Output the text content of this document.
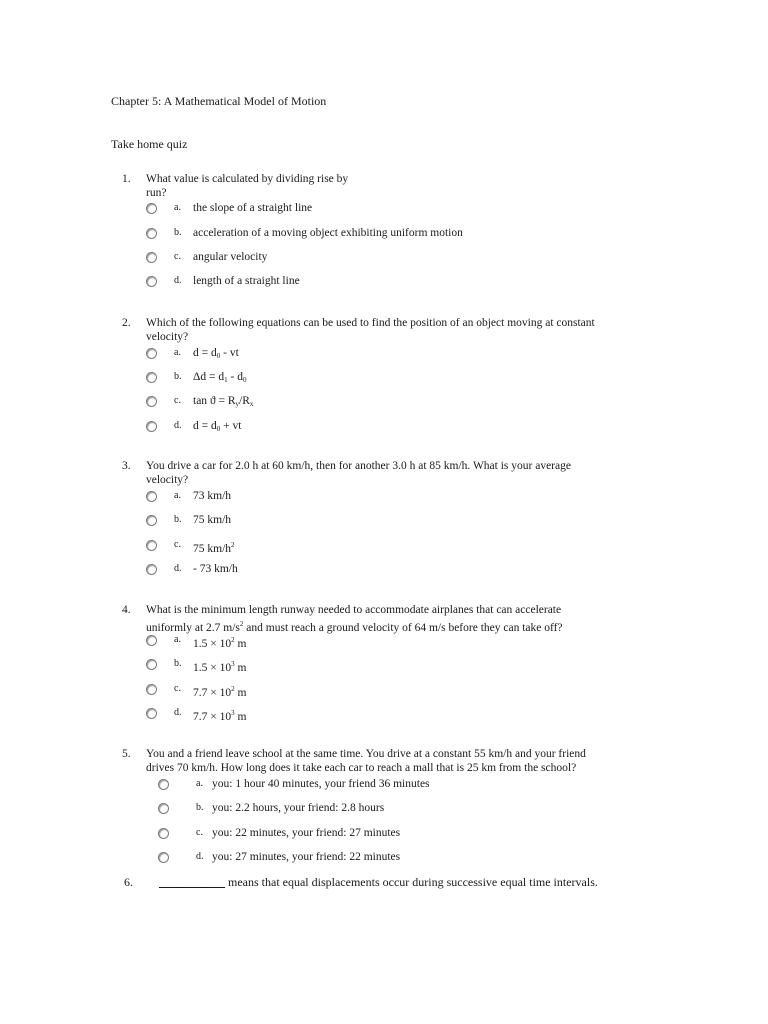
Chapter 5: A Mathematical Model of Motion
Take home quiz
1.	What value is calculated by dividing rise by
run?
a. the slope of a straight line
b. acceleration of a moving object exhibiting uniform motion
c. angular velocity
d. length of a straight line
2.	Which of the following equations can be used to find the position of an object moving at constant
velocity?
a. d = d0 - vt
b. Δd = d1 - d0
c. tan ϑ = Ry/Rx
d. d = d0 + vt
3.	You drive a car for 2.0 h at 60 km/h, then for another 3.0 h at 85 km/h. What is your average
velocity?
a. 73 km/h
b. 75 km/h
c. 75 $km/h^2$
d. - 73 km/h
4.	What is the minimum length runway needed to accommodate airplanes that can accelerate
uniformly at 2.7 $m/s^2$ and must reach a ground velocity of 64 m/s before they can take off?
a. $1.5 \times 10^2$ m
b. $1.5 \times 10^3$ m
c. $7.7 \times 10^2$ m
d. $7.7 \times 10^3$ m
5.	You and a friend leave school at the same time. You drive at a constant 55 km/h and your friend
drives 70 km/h. How long does it take each car to reach a mall that is 25 km from the school?
a. you: 1 hour 40 minutes, your friend 36 minutes
b. you: 2.2 hours, your friend: 2.8 hours
c. you: 22 minutes, your friend: 27 minutes
d. you: 27 minutes, your friend: 22 minutes
6. ___________ means that equal displacements occur during successive equal time intervals.
